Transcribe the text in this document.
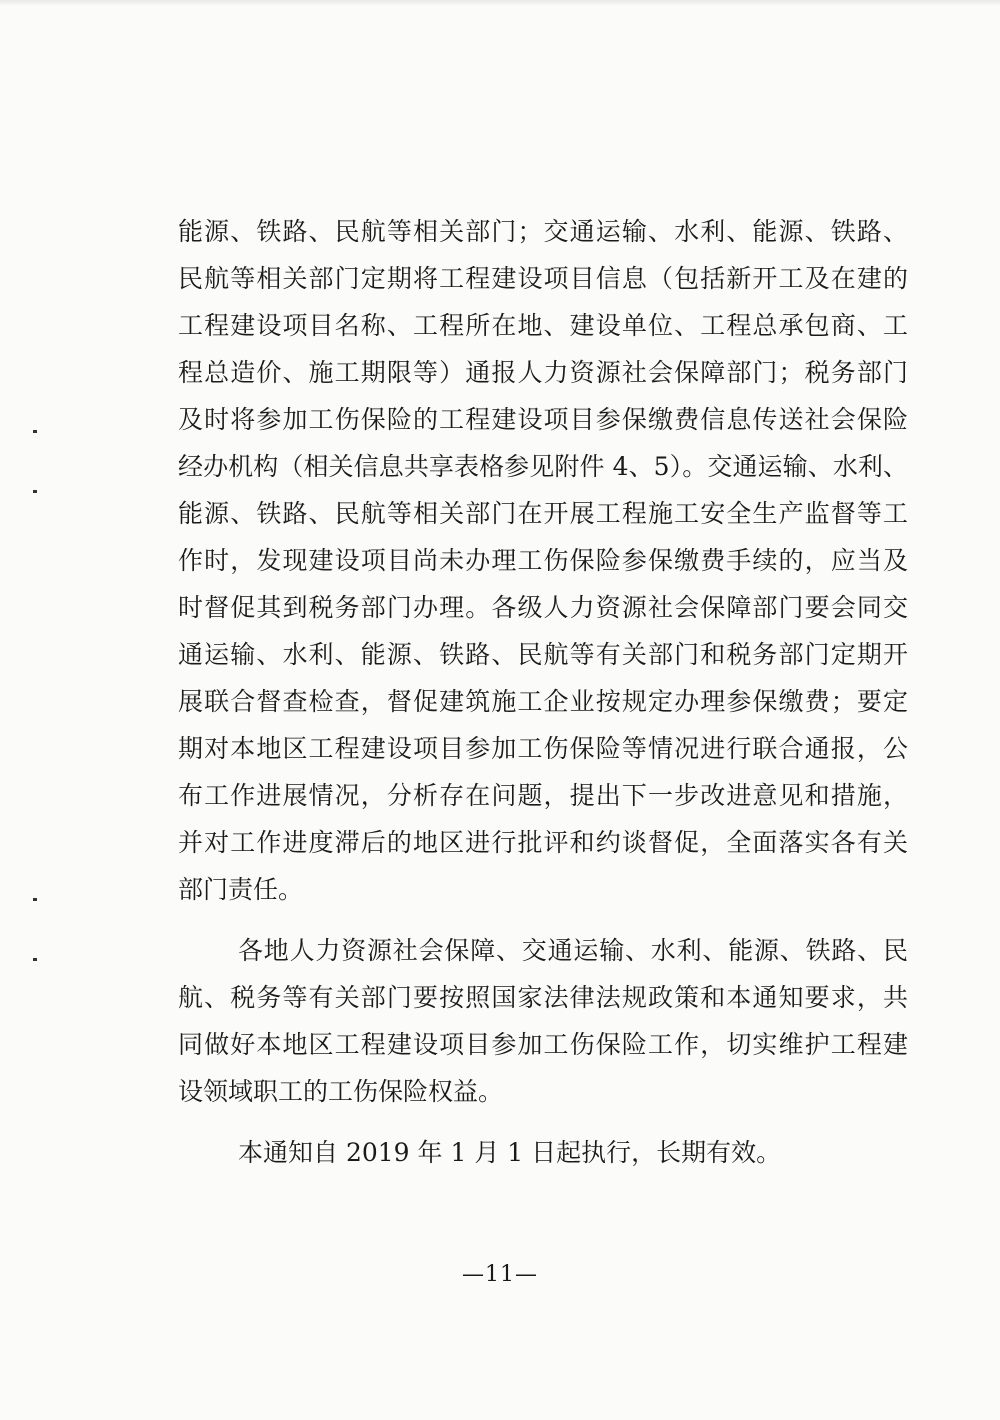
能源、铁路、民航等相关部门；交通运输、水利、能源、铁路、
民航等相关部门定期将工程建设项目信息（包括新开工及在建的
工程建设项目名称、工程所在地、建设单位、工程总承包商、工
程总造价、施工期限等）通报人力资源社会保障部门；税务部门
及时将参加工伤保险的工程建设项目参保缴费信息传送社会保险
经办机构（相关信息共享表格参见附件 4、5）。交通运输、水利、
能源、铁路、民航等相关部门在开展工程施工安全生产监督等工
作时，发现建设项目尚未办理工伤保险参保缴费手续的，应当及
时督促其到税务部门办理。各级人力资源社会保障部门要会同交
通运输、水利、能源、铁路、民航等有关部门和税务部门定期开
展联合督查检查，督促建筑施工企业按规定办理参保缴费；要定
期对本地区工程建设项目参加工伤保险等情况进行联合通报，公
布工作进展情况，分析存在问题，提出下一步改进意见和措施，
并对工作进度滞后的地区进行批评和约谈督促，全面落实各有关
部门责任。
各地人力资源社会保障、交通运输、水利、能源、铁路、民
航、税务等有关部门要按照国家法律法规政策和本通知要求，共
同做好本地区工程建设项目参加工伤保险工作，切实维护工程建
设领域职工的工伤保险权益。
本通知自 2019 年 1 月 1 日起执行，长期有效。
—11—
